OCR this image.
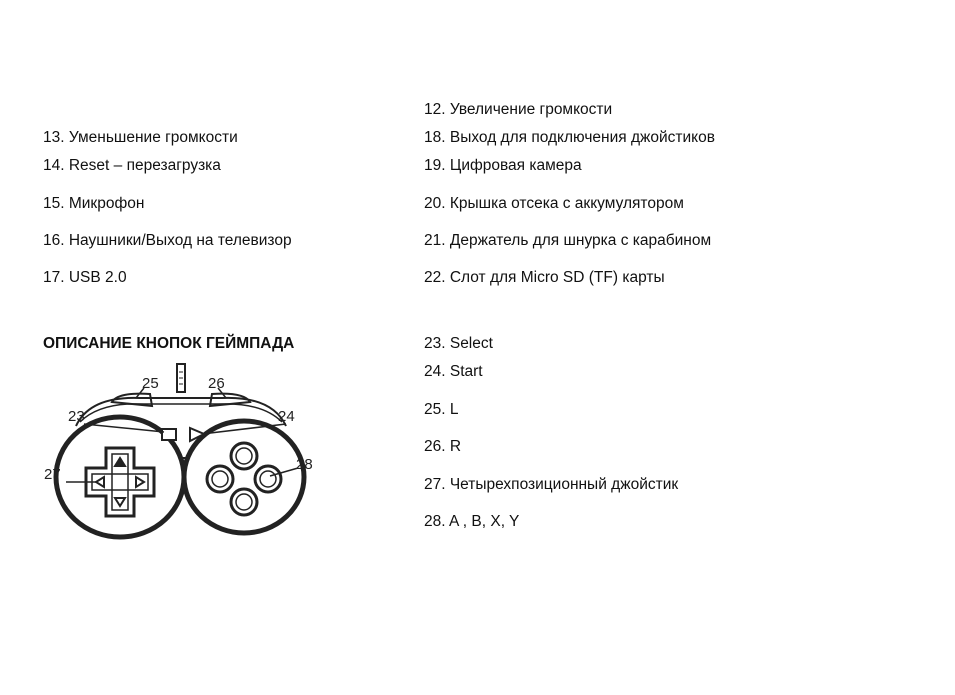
13. Уменьшение громкости
14. Reset – перезагрузка
15. Микрофон
16. Наушники/Выход на телевизор
17. USB 2.0
12. Увеличение громкости
18. Выход для подключения джойстиков
19. Цифровая камера
20. Крышка отсека с аккумулятором
21. Держатель для шнурка с карабином
22. Слот для Micro SD (TF) карты
ОПИСАНИЕ КНОПОК ГЕЙМПАДА	23. Select
24. Start
25. L
26. R
27. Четырехпозиционный джойстик
28. A , B, X, Y
25	26
23	24
27
28
